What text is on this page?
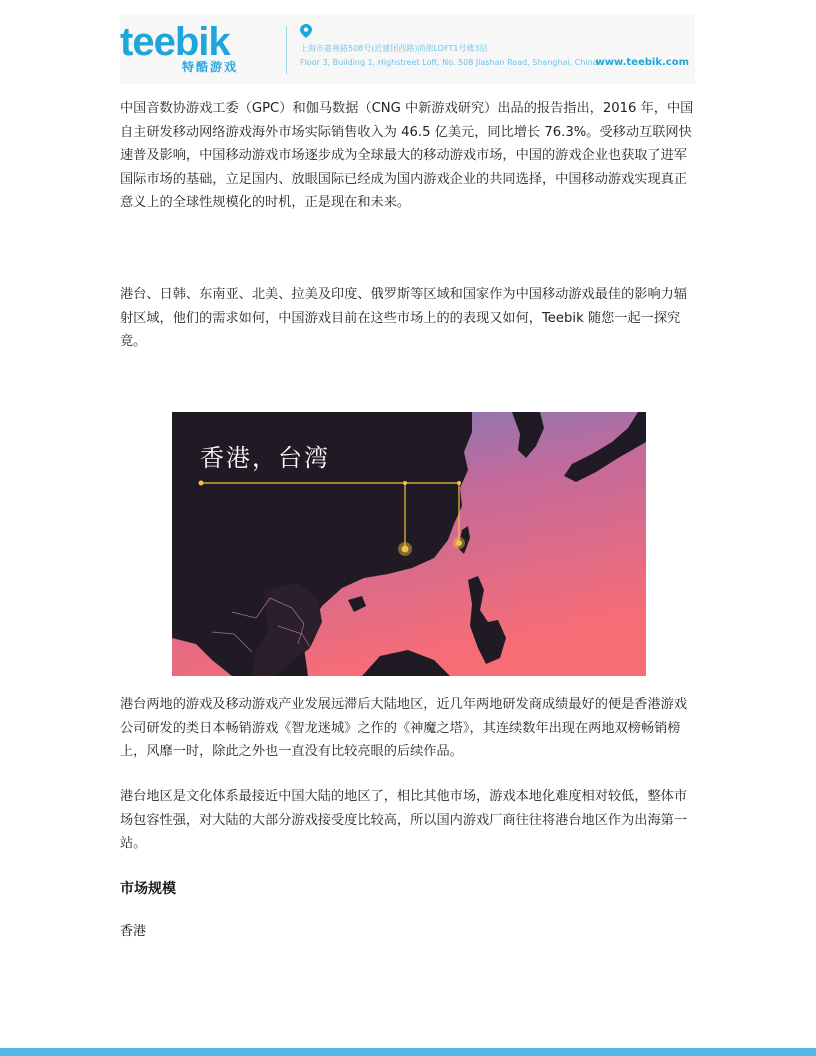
teebik
特酷游戏
上海市嘉善路508号(近建国西路)尚街LOFT1号楼3层
Floor 3, Building 1, Highstreet Loft, No. 508 Jiashan Road, Shanghai, China
www.teebik.com

中国音数协游戏工委（GPC）和伽马数据（CNG 中新游戏研究）出品的报告指出，2016 年，中国自主研发移动网络游戏海外市场实际销售收入为 46.5 亿美元，同比增长 76.3%。受移动互联网快速普及影响，中国移动游戏市场逐步成为全球最大的移动游戏市场，中国的游戏企业也获取了进军国际市场的基础，立足国内、放眼国际已经成为国内游戏企业的共同选择，中国移动游戏实现真正意义上的全球性规模化的时机，正是现在和未来。

港台、日韩、东南亚、北美、拉美及印度、俄罗斯等区域和国家作为中国移动游戏最佳的影响力辐射区域，他们的需求如何，中国游戏目前在这些市场上的的表现又如何，Teebik 随您一起一探究竟。

香港，台湾

港台两地的游戏及移动游戏产业发展远滞后大陆地区，近几年两地研发商成绩最好的便是香港游戏公司研发的类日本畅销游戏《智龙迷城》之作的《神魔之塔》，其连续数年出现在两地双榜畅销榜上，风靡一时，除此之外也一直没有比较亮眼的后续作品。

港台地区是文化体系最接近中国大陆的地区了，相比其他市场，游戏本地化难度相对较低，整体市场包容性强，对大陆的大部分游戏接受度比较高，所以国内游戏厂商往往将港台地区作为出海第一站。

市场规模
香港
